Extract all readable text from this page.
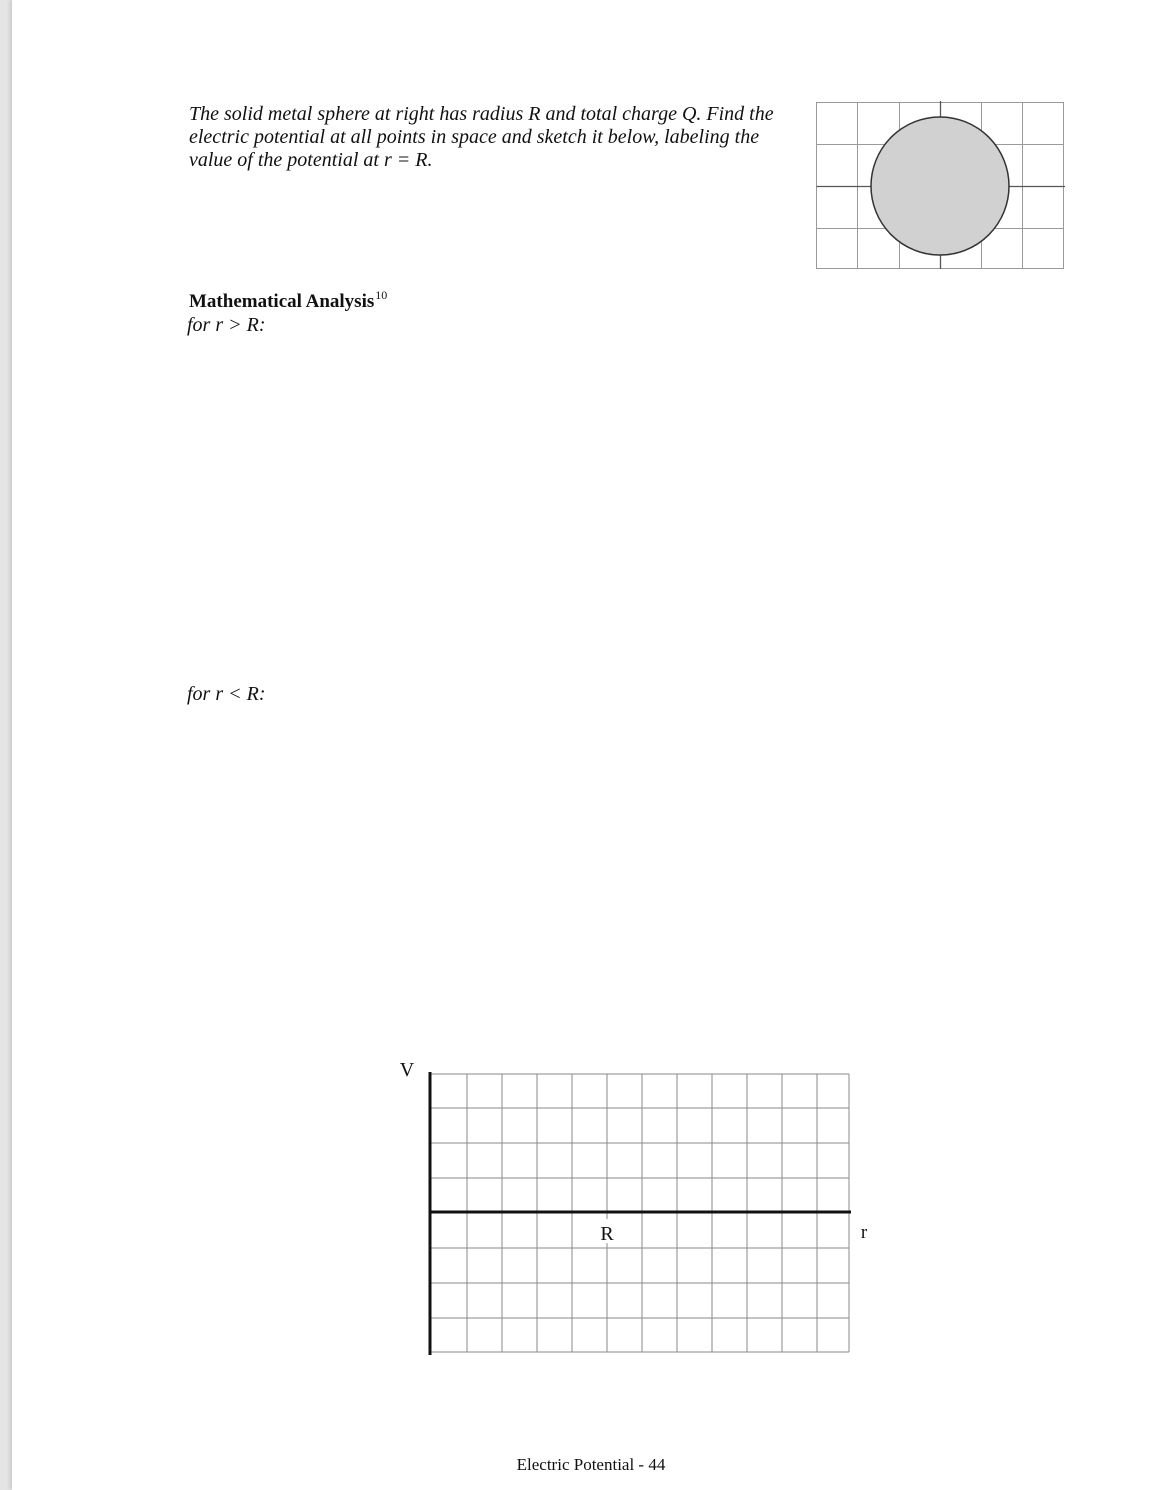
The solid metal sphere at right has radius R and total charge Q. Find the
electric potential at all points in space and sketch it below, labeling the
value of the potential at r = R.
Mathematical Analysis$^{10}$
for r > R:
for r < R:
R
V
r
Electric Potential - 44
